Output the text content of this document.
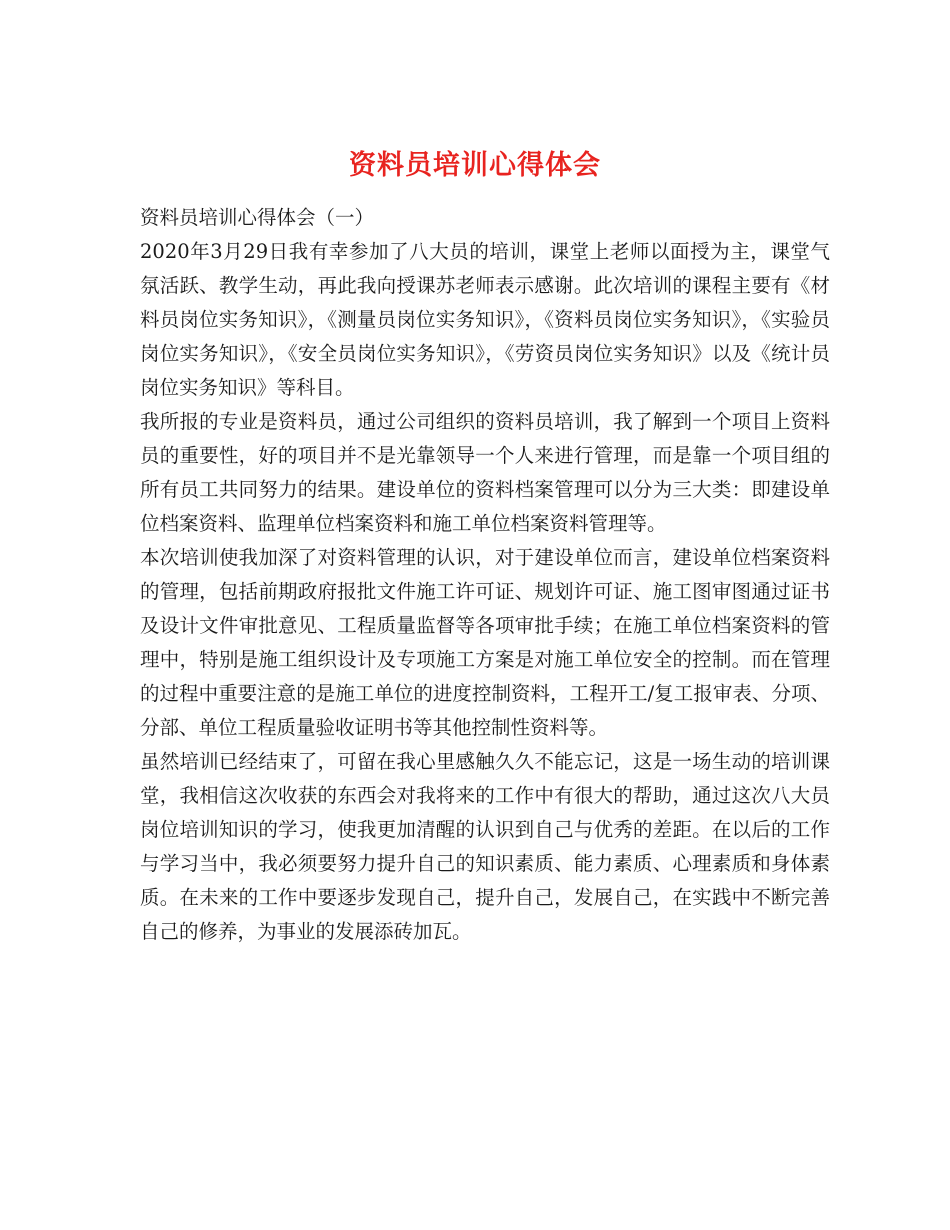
资料员培训心得体会

资料员培训心得体会（一）

2020年3月29日我有幸参加了八大员的培训，课堂上老师以面授为主，课堂气氛活跃、教学生动，再此我向授课苏老师表示感谢。此次培训的课程主要有《材料员岗位实务知识》，《测量员岗位实务知识》，《资料员岗位实务知识》，《实验员岗位实务知识》，《安全员岗位实务知识》，《劳资员岗位实务知识》以及《统计员岗位实务知识》等科目。

我所报的专业是资料员，通过公司组织的资料员培训，我了解到一个项目上资料员的重要性，好的项目并不是光靠领导一个人来进行管理，而是靠一个项目组的所有员工共同努力的结果。建设单位的资料档案管理可以分为三大类：即建设单位档案资料、监理单位档案资料和施工单位档案资料管理等。

本次培训使我加深了对资料管理的认识，对于建设单位而言，建设单位档案资料的管理，包括前期政府报批文件施工许可证、规划许可证、施工图审图通过证书及设计文件审批意见、工程质量监督等各项审批手续；在施工单位档案资料的管理中，特别是施工组织设计及专项施工方案是对施工单位安全的控制。而在管理的过程中重要注意的是施工单位的进度控制资料，工程开工/复工报审表、分项、分部、单位工程质量验收证明书等其他控制性资料等。

虽然培训已经结束了，可留在我心里感触久久不能忘记，这是一场生动的培训课堂，我相信这次收获的东西会对我将来的工作中有很大的帮助，通过这次八大员岗位培训知识的学习，使我更加清醒的认识到自己与优秀的差距。在以后的工作与学习当中，我必须要努力提升自己的知识素质、能力素质、心理素质和身体素质。在未来的工作中要逐步发现自己，提升自己，发展自己，在实践中不断完善自己的修养，为事业的发展添砖加瓦。
